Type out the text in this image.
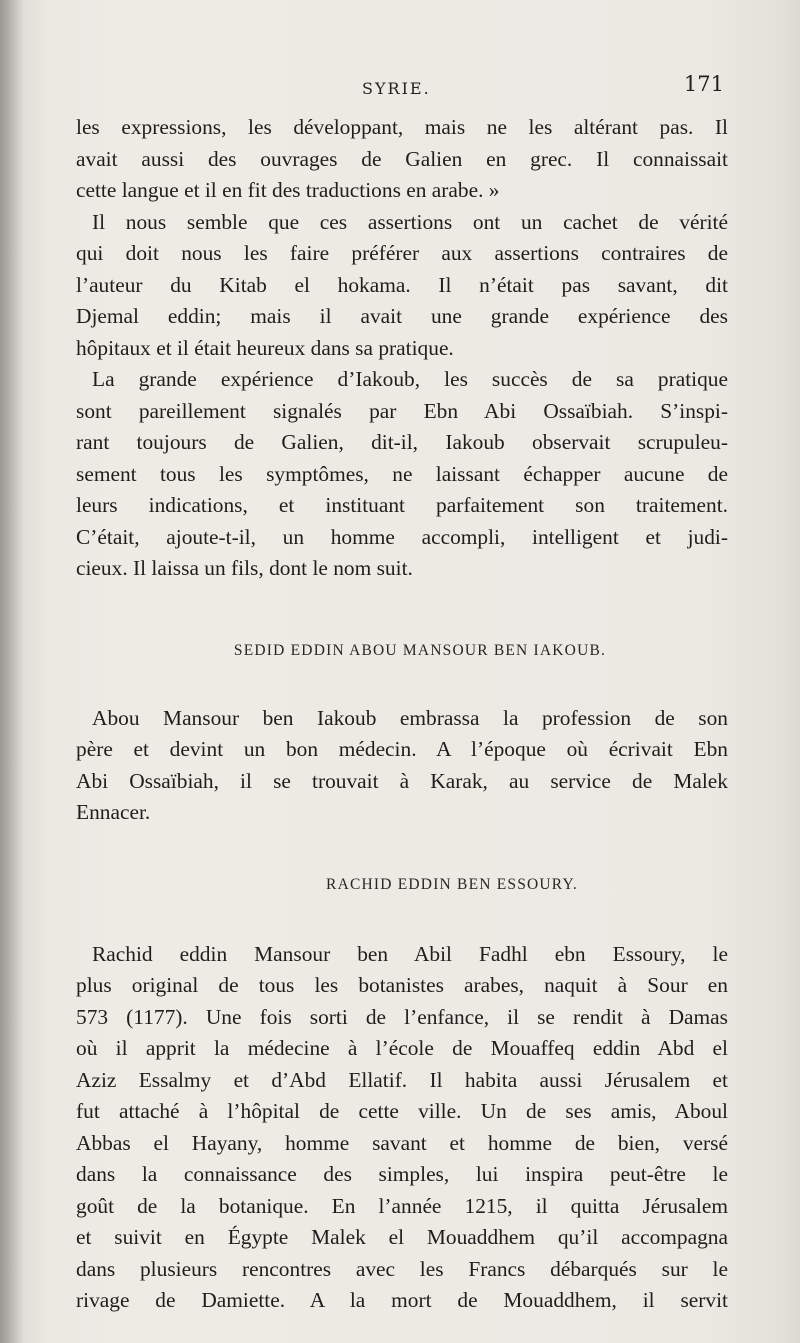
SYRIE.	171

les expressions, les développant, mais ne les altérant pas. Il
avait aussi des ouvrages de Galien en grec. Il connaissait
cette langue et il en fit des traductions en arabe. »

Il nous semble que ces assertions ont un cachet de vérité
qui doit nous les faire préférer aux assertions contraires de
l’auteur du Kitab el hokama. Il n’était pas savant, dit
Djemal eddin; mais il avait une grande expérience des
hôpitaux et il était heureux dans sa pratique.

La grande expérience d’Iakoub, les succès de sa pratique
sont pareillement signalés par Ebn Abi Ossaïbiah. S’inspi-
rant toujours de Galien, dit-il, Iakoub observait scrupuleu-
sement tous les symptômes, ne laissant échapper aucune de
leurs indications, et instituant parfaitement son traitement.
C’était, ajoute-t-il, un homme accompli, intelligent et judi-
cieux. Il laissa un fils, dont le nom suit.

SEDID EDDIN ABOU MANSOUR BEN IAKOUB.

Abou Mansour ben Iakoub embrassa la profession de son
père et devint un bon médecin. A l’époque où écrivait Ebn
Abi Ossaïbiah, il se trouvait à Karak, au service de Malek
Ennacer.

RACHID EDDIN BEN ESSOURY.

Rachid eddin Mansour ben Abil Fadhl ebn Essoury, le
plus original de tous les botanistes arabes, naquit à Sour en
573 (1177). Une fois sorti de l’enfance, il se rendit à Damas
où il apprit la médecine à l’école de Mouaffeq eddin Abd el
Aziz Essalmy et d’Abd Ellatif. Il habita aussi Jérusalem et
fut attaché à l’hôpital de cette ville. Un de ses amis, Aboul
Abbas el Hayany, homme savant et homme de bien, versé
dans la connaissance des simples, lui inspira peut-être le
goût de la botanique. En l’année 1215, il quitta Jérusalem
et suivit en Égypte Malek el Mouaddhem qu’il accompagna
dans plusieurs rencontres avec les Francs débarqués sur le
rivage de Damiette. A la mort de Mouaddhem, il servit
